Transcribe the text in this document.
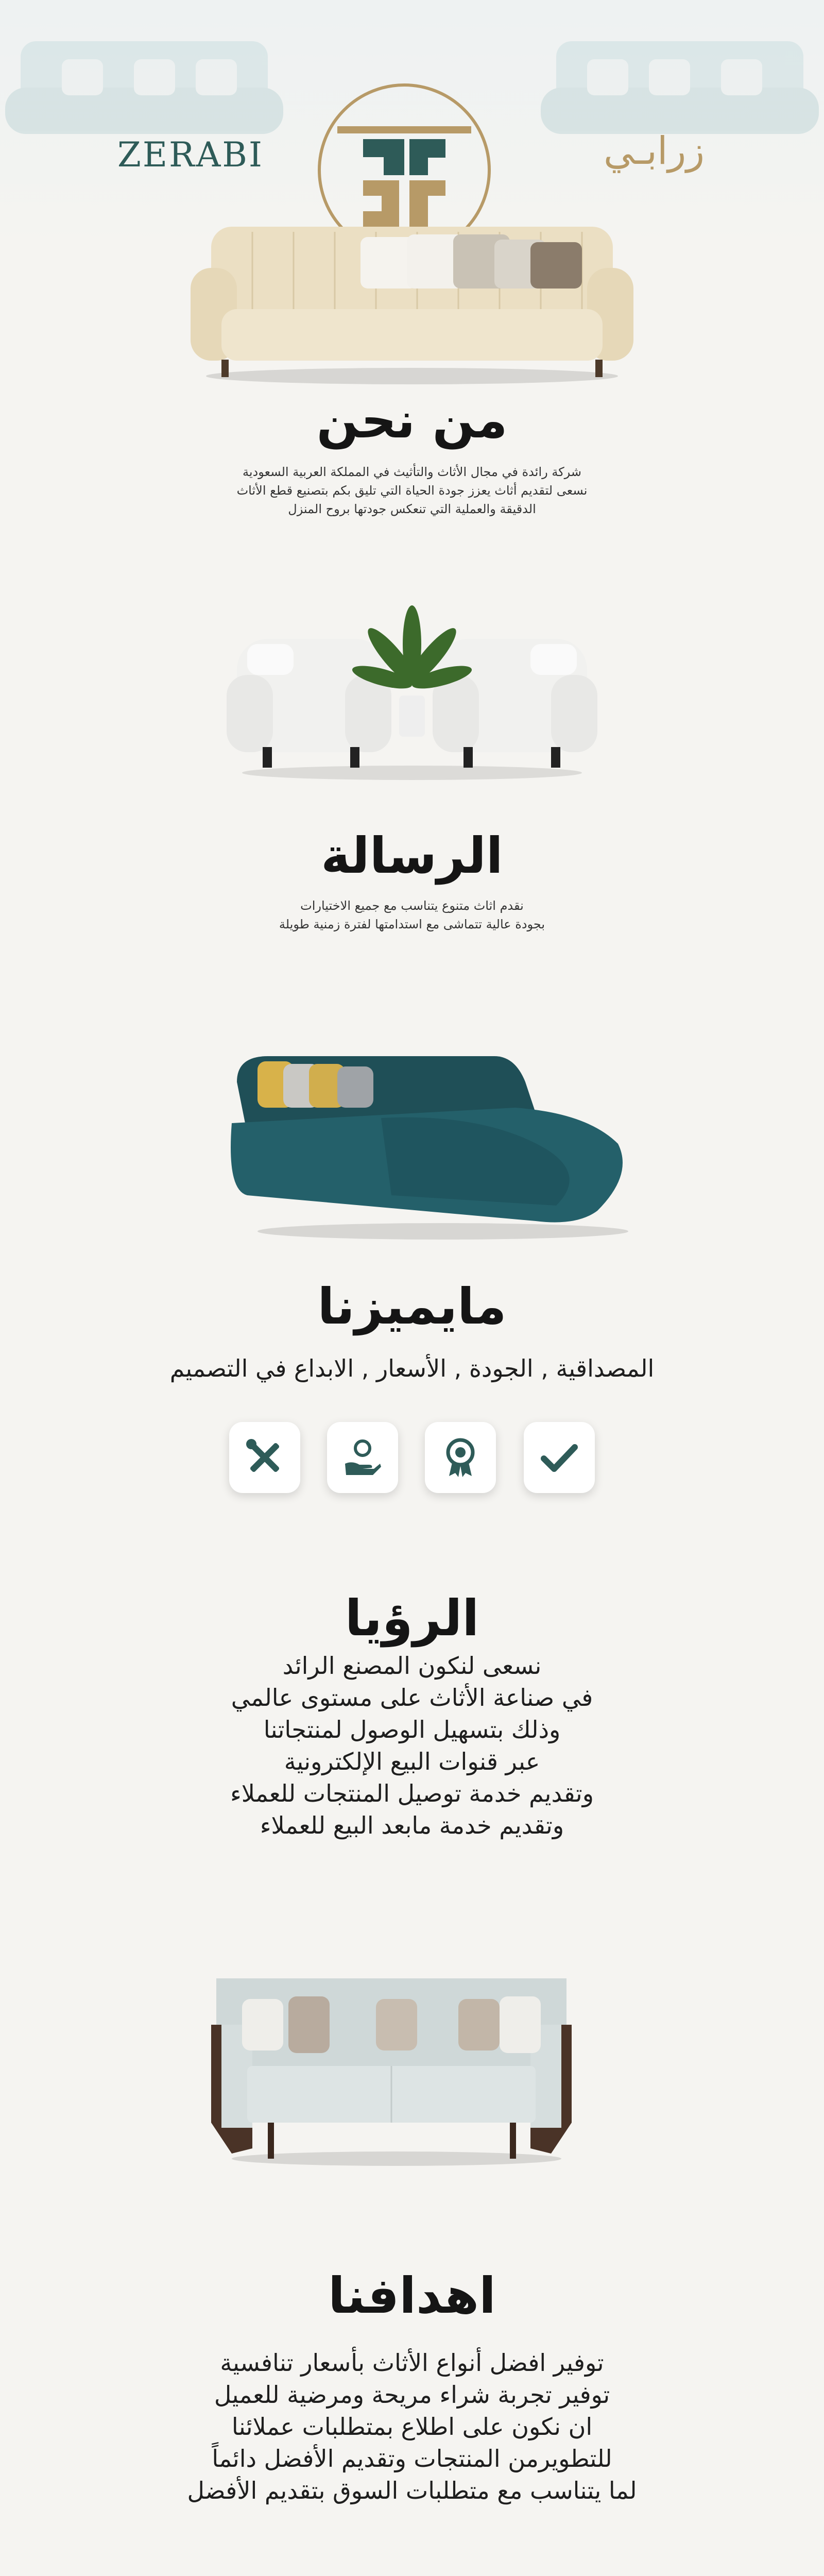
ZERABI	زرابـي
من نحن
شركة رائدة في مجال الأثاث والتأثيث في المملكة العربية السعودية
نسعى لتقديم أثاث يعزز جودة الحياة التي تليق بكم بتصنيع قطع الأثاث
الدقيقة والعملية التي تنعكس جودتها بروح المنزل
الرسالة
نقدم اثاث متنوع يتناسب مع جميع الاختيارات
بجودة عالية تتماشى مع استدامتها لفترة زمنية طويلة
مايميزنا
المصداقية , الجودة , الأسعار , الابداع في التصميم
الرؤيا
نسعى لنكون المصنع الرائد
في صناعة الأثاث على مستوى عالمي
وذلك بتسهيل الوصول لمنتجاتنا
عبر قنوات البيع الإلكترونية
وتقديم خدمة توصيل المنتجات للعملاء
وتقديم خدمة مابعد البيع للعملاء
اهدافنا
توفير افضل أنواع الأثاث بأسعار تنافسية
توفير تجربة شراء مريحة ومرضية للعميل
ان نكون على اطلاع بمتطلبات عملائنا
للتطويرمن المنتجات وتقديم الأفضل دائماً
لما يتناسب مع متطلبات السوق بتقديم الأفضل
